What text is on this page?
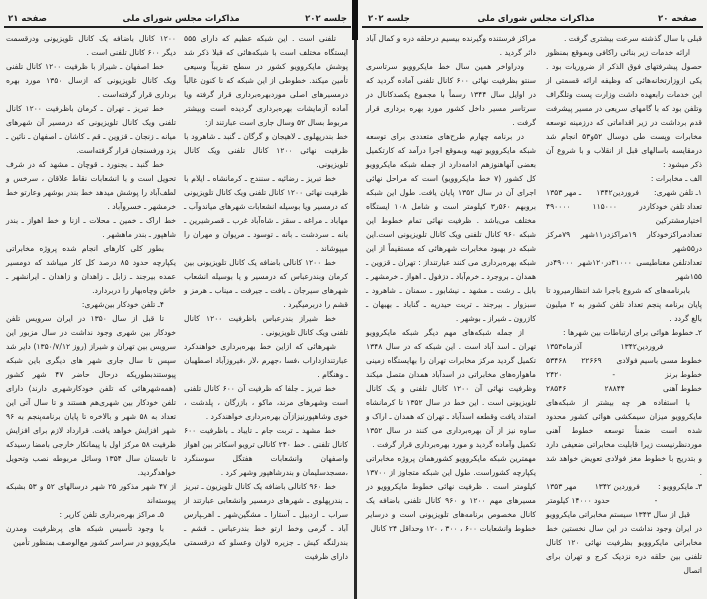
جلسه ۲۰۲
مذاکرات مجلس شورای ملی
صفحه ۲۱

تلفنی است . این شبکه عظیم که دارای ۵۵۵ ایستگاه مختلف است با شبکه‌هائی که قبلا ذکر شد پوشش مایکروویو کشور در سطح تقریباً وسیعی تأمین میکند. خطوطی از این شبکه که تا کنون غالباً درمسیرهای اصلی موردبهره‌برداری قرار گرفته ویا آماده آزمایشات بهره‌برداری گردیده است وبیشتر مربوط بسال ۵۲ وسال جاری است عبارتند از:

خط بندرپهلوی ـ لاهیجان و گرگان ـ گنبد ـ شاهرود با ظرفیت نهائی ۱۲۰۰ کانال تلفنی ویک کانال تلویزیونی.

خط تبریز ـ رضائیه ـ سنندج ـ کرمانشاه ـ ایلام با ظرفیت نهائی ۱۲۰۰ کانال تلفنی ویک کانال تلویزیونی که درمسیر ویا بوسیله انشعابات شهرهای میاندوآب ـ مهاباد ـ مراغه ـ سقز ـ شاه‌آباد غرب ـ قصرشیرین ـ بانه ـ سردشت ـ بانه ـ توسود ـ مریوان و مهران را میپوشاند .

خط ۱۲۰۰ کانالی باضافه یک کانال تلویزیونی بین کرمان وبندرعباس که درمسیر و یا بوسیله انشعاب شهرهای سیرجان ـ بافت ـ جیرفت ـ میناب ـ هرمز و قشم را دربرمیگیرد .

خط شیراز بندرعباس باظرفیت ۱۲۰۰ کانال تلفنی ویک کانال تلویزیونی .

شهرهائی که ازاین خط بهره‌برداری خواهندکرد عبارتندازداراب ،فسا ،جهرم ،لار ،فیروزآباد اصطهبان ـ وهنگام .

خط تبریز ـ جلفا که ظرفیت آن ۶۰۰ کانال تلفنی است وشهرهای مرند، ماکو ، بازرگان ، پلدشت ، خوی وشاهپورنیزازآن بهره‌برداری خواهندکرد .

خط مشهد ـ تربت جام ـ تایباد ـ باظرفیت ۶۰۰ کانال تلفنی . خط ۲۴۰ کانالی ترویو اسکاتر بین اهواز واصفهان وانشعابات هفتگل سوسنگرد ،مسجدسلیمان و بندرشاهپور وشهر کرد .

خط ۹۶۰ کانالی باضافه یک کانال تلویزیون ـ تبریز ـ بندرپهلوی ـ شهرهای درمسیر وانشعابی عبارتند از سراب ـ اردبیل ـ آستارا ـ مشگین‌شهر ـ اهرـپارس آباد ـ گرمی وخط ارتو خط بندرعباس ـ قشم ـ بندرلنگه کیش ـ جزیره لاوان وعسلو که درقسمتی دارای ظرفیت

۱۲۰۰ کانال باضافه یک کانال تلویزیونی ودرقسمت دیگر ۶۰۰ کانال تلفنی است .

خط اصفهان ـ شیراز با ظرفیت ۱۲۰۰ کانال تلفنی ویک کانال تلویزیونی که ازسال ۱۳۵۰ مورد بهره برداری قرار گرفته‌است .

خط تبریز ـ تهران ـ کرمان باظرفیت ۱۲۰۰ کانال تلفنی ویک کانال تلویزیونی که درمسیر آن شهرهای میانه ـ زنجان ـ قزوین ـ قم ـ کاشان ـ اصفهان ـ نائین ـ یزد ورفسنجان قرار گرفته‌است.

خط گنبد ـ بجنورد ـ قوچان ـ مشهد که در شرف تحویل است و با انشعابات نقاط علاقان ، سرخس و لطف‌آباد را پوشش میدهد خط بندر بوشهر وعارتو خط خرمشهر ـ خسروآباد .

خط اراک ـ خمین ـ محلات ـ ازنا و خط اهواز ـ بندر شاهپور ـ بندر ماهشهر .

بطور کلی کارهای انجام شده پروژه مخابراتی یکپارچه حدود ۸۵ درصد کل کار میباشد که دومسیر عمده بیرجند ـ زابل ـ زاهدان و زاهدان ـ ایرانشهر ـ خاش وچاه‌بهار را دربردارد.

۴ـ تلفن خودکار بین‌شهری:

تا قبل از سال ۱۳۵۰ در ایران سرویس تلفن خودکار بین شهری وجود نداشت در سال مزبور این سرویس بین تهران و شیراز (روز ۱۳۵۰/۷/۱۲) دایر شد سپس تا سال جاری شهر های دیگری باین شبکه پیوستندبطوریکه درحال حاضر ۴۷ شهر کشور (همه‌شهرهائی که تلفن خودکارشهری دارند) دارای تلفن خودکار بین شهری‌هم هستند و تا سال آتی این تعداد به ۵۸ شهر و بالاخره تا پایان برنامه‌پنجم به ۹۶ شهر افزایش خواهد یافت. قرارداد لازم برای افزایش ظرفیت ۵۸ مرکز اول با پیمانکار خارجی بامضا رسیدکه تا تابستان سال ۱۳۵۴ وسائل مربوطه نصب وتحویل خواهدگردید.

از ۴۷ شهر مذکور ۲۵ شهر درسالهای ۵۲ و ۵۳ بشبکه پیوسته‌اند

۵ـ مراکز بهره‌برداری تلفن کاریر :

با وجود تأسیس شبکه های پرظرفیت ومدرن مایکروویو در سراسر کشور مع‌الوصف بمنظور تأمین

جلسه ۲۰۲	مذاکرات مجلس شورای ملی	صفحه ۲۰

مراکز فرستنده وگیرنده بیسیم درحلقه دره و کمال آباد دائر گردید .

ودراواخر همین سال خط مایکروویو سرتاسری سنتو بظرفیت نهائی ۶۰۰ کانال تلفنی آماده گردید که در اوایل سال ۱۳۴۴ رسماً با مجموع یکصدکانال در سرتاسر مسیر داخل کشور مورد بهره برداری قرار گرفت .

در برنامه چهارم طرح‌های متعددی برای توسعه شبکه مایکروویو تهیه وبموقع اجرا درآمد که کارتکمیل بعضی آنهاهنوزهم ادامه‌دارد از جمله شبکه مایکروویو کل کشور (۷ خط مایکروویو) است که مراحل نهائی اجرای آن در سال ۱۳۵۲ پایان یافت. طول این شبکه بروبهم ۵۶۰ر۳ کیلومتر است و شامل ۱۰۸ ایستگاه مختلف می‌باشد . ظرفیت نهائی تمام خطوط این شبکه ۹۶۰ کانال تلفنی ویک کانال تلویزیونی است.این شبکه در بهبود مخابرات شهرهائی که مستقیماً از این شبکه بهره‌برداری می کنند عبارتنداز : تهران ـ قزوین ـ همدان ـ بروجرد ـ خرم‌آباد ـ دزفول ـ اهواز ـ خرمشهر ـ بابل ـ رشت ـ مشهد ـ نیشابور ـ سمنان ـ شاهرود ـ سبزوار ـ بیرجند ـ تربت حیدریه ـ گناباد ـ بهبهان ـ کازرون ـ شیراز ـ بوشهر .

از جمله شبکه‌های مهم دیگر شبکه مایکروویو تهران ـ اسد آباد است . این شبکه که در سال ۱۳۴۸ تکمیل گردید مرکز مخابرات تهران را بهایستگاه زمینی ماهواره‌های مخابراتی در اسدآباد همدان متصل میکند وظرفیت نهائی آن ۱۲۰۰ کانال تلفنی و یک کانال تلویزیونی است . این خط در سال ۱۳۵۲ تا کرمانشاه امتداد یافت وقطعه اسدآباد ـ تهران که همدان ـ اراک و ساوه نیز از آن بهره‌برداری می کنند در سال ۱۳۵۲ تکمیل وآماده گردید و مورد بهره‌برداری قرار گرفت .

مهمترین شبکه مایکروویو کشورهمان پروژه مخابراتی یکپارچه کشوراست. طول این شبکه متجاوز از ۱۳۷۰۰ کیلومتر است . ظرفیت نهائی خطوط مایکروویو در مسیرهای مهم ۱۲۰۰ و ۹۶۰ کانال تلفنی باضافه یک کانال مخصوص برنامه‌های تلویزیونی است و درسایر خطوط وانشعابات ۶۰۰ ، ۳۰۰ ، ۱۲۰ وحداقل ۲۴ کانال

قبلی با سال گذشته سرعت بیشتری گرفت .

ارائه خدمات زیر بنائی راکافی وبموقع بمنظور حصول پیشرفتهای فوق الذکر از ضروریات بود . یکی ازوزارتخانه‌هائی که وظیفه ارائه قسمتی از این خدمات رابعهده داشت وزارت پست وتلگراف وتلفن بود که با گامهای سریعی در مسیر پیشرفت قدم برداشت در زیر اقداماتی که درزمینه توسعه مخابرات وپست طی دوسال ۵۲و۵۳ انجام شد درمقایسه باسالهای قبل از انقلاب و با شروع آن ذکر میشود :

الف ـ مخابرات :

۱ـ تلفن شهری:
فروردین۱۳۴۲
ـ مهر ۱۳۵۳
تعداد تلفن خودکاردر
۱۱۵۰۰۰
۴۹۰۰۰۰

اختیارمشترکین

تعدادمراکزخودکار
۱۹مراکزدر۱۱شهر
۷۹مرکز

در۵۵شهر

تعدادتلفن مغناطیسی
۳۱۰۰۰در۱۲۰شهر
۴۹۰۰۰در

۱۵۵شهر

بابرنامه‌های که شروع باجرا شد انتظارمیرود تا پایان برنامه پنجم تعداد تلفن کشور به ۲ میلیون بالغ گردد .

۲ـ خطوط هوائی برای ارتباطات بین شهرها :

فروردین۱۳۴۲
آذرماه۱۳۵۳
خطوط مسی باسیم فولادی
۲۲۶۶۹
۵۳۴۶۸
خطوط برنز
-
۲۴۲۰
خطوط آهنی
۲۸۸۴۴
۲۸۵۴۶

با استفاده هر چه بیشتر از شبکه‌های مایکروویو میزان سیمکشی هوائی کشور محدود شده است ضمناً توسعه خطوط آهنی موردنظرنیست زیرا قابلیت مخابراتی ضعیفی دارد و بتدریج با خطوط مغز فولادی تعویض خواهد شد .

۳ـ مایکروویو :
فروردین ۱۳۴۲
مهر ۱۳۵۳
-
حدود ۱۴۰۰۰ کیلومتر

قبل از سال ۱۳۴۳ سیستم مخابراتی مایکروویو در ایران وجود نداشت در این سال نخستین خط مخابراتی مایکروویو بظرفیت نهائی ۱۲۰ کانال تلفنی بین حلقه دره نزدیک کرج و تهران برای اتصال
